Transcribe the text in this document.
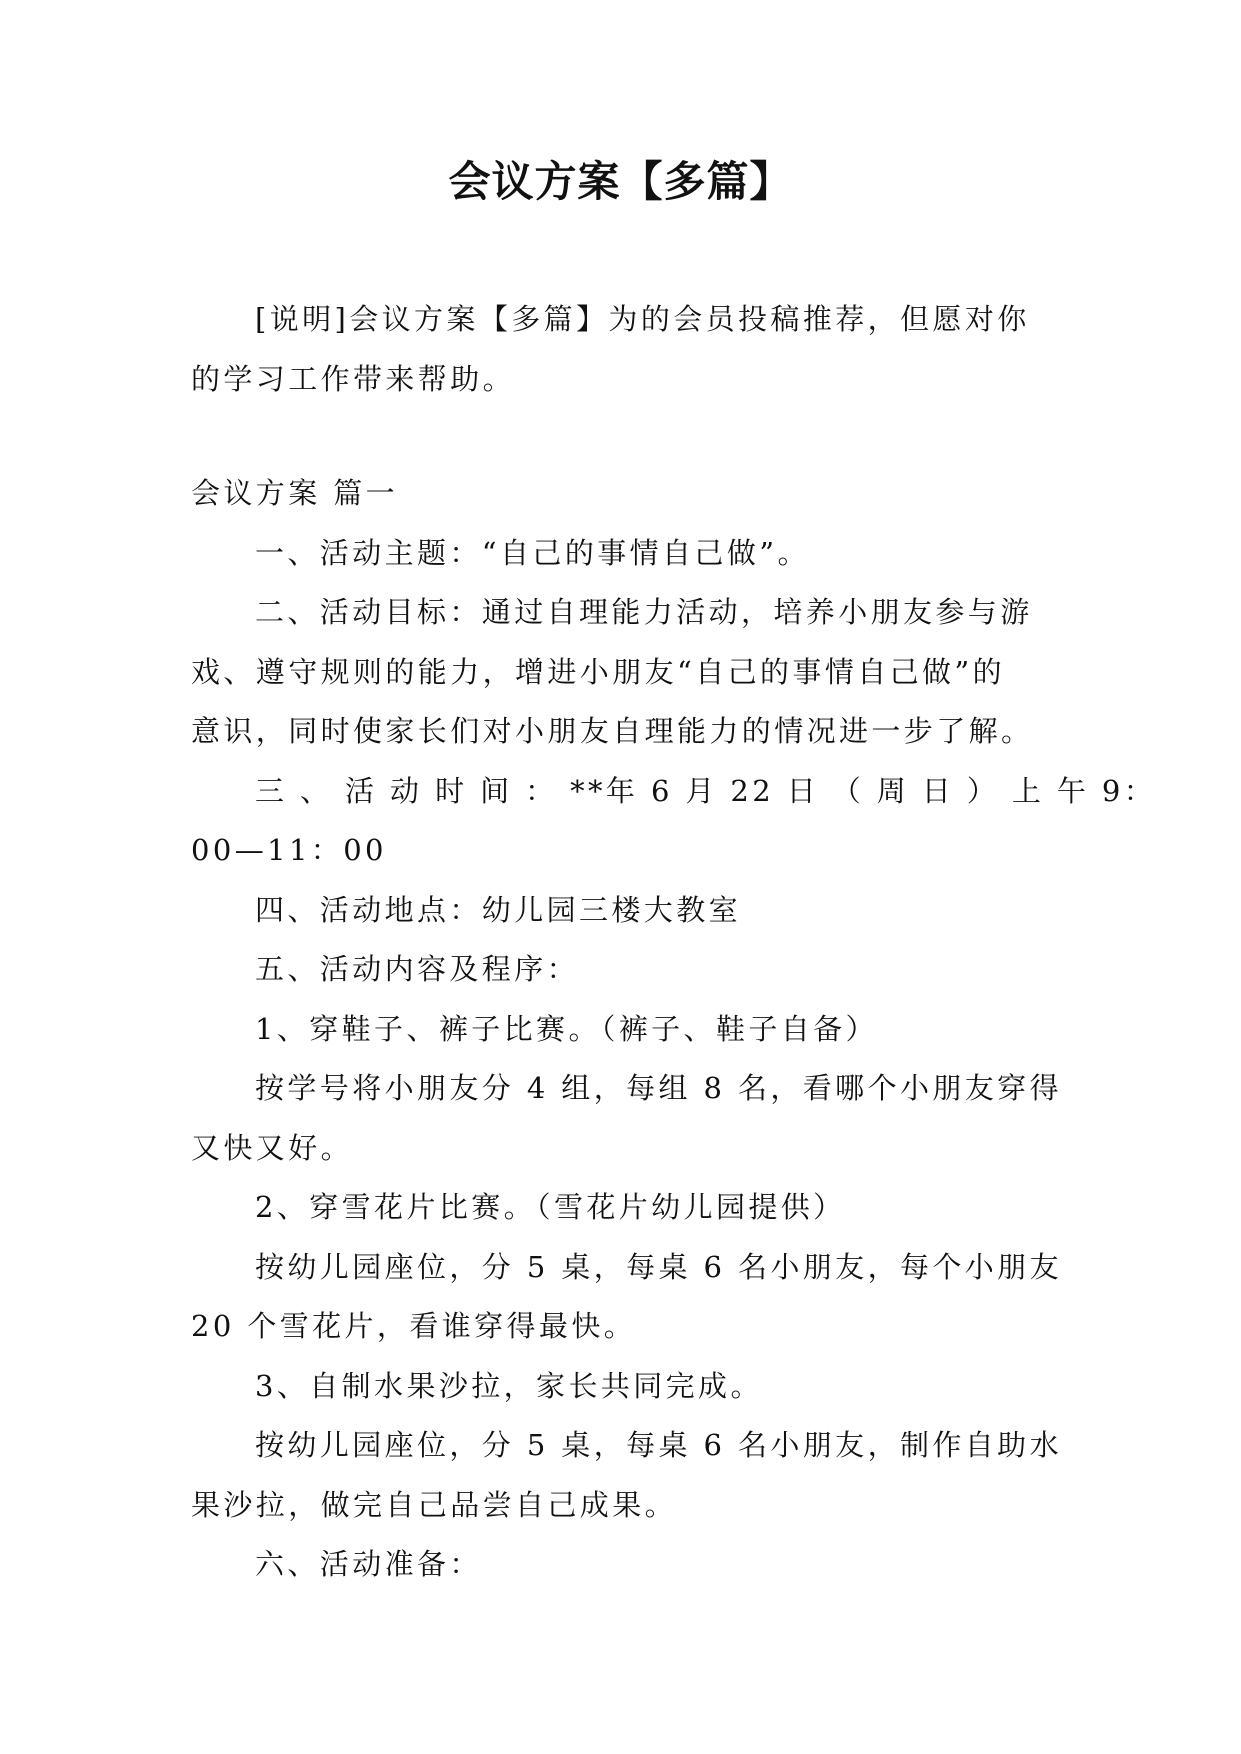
会议方案【多篇】

[说明]会议方案【多篇】为的会员投稿推荐，但愿对你

的学习工作带来帮助。

会议方案 篇一

一、活动主题：“自己的事情自己做”。

二、活动目标：通过自理能力活动，培养小朋友参与游

戏、遵守规则的能力，增进小朋友“自己的事情自己做”的

意识，同时使家长们对小朋友自理能力的情况进一步了解。

三 、 活 动 时 间 ： **年 6 月 22 日 （ 周 日 ） 上 午 9：

00—11：00

四、活动地点：幼儿园三楼大教室

五、活动内容及程序：

1、穿鞋子、裤子比赛。（裤子、鞋子自备）

按学号将小朋友分 4 组，每组 8 名，看哪个小朋友穿得

又快又好。

2、穿雪花片比赛。（雪花片幼儿园提供）

按幼儿园座位，分 5 桌，每桌 6 名小朋友，每个小朋友

20 个雪花片，看谁穿得最快。

3、自制水果沙拉，家长共同完成。

按幼儿园座位，分 5 桌，每桌 6 名小朋友，制作自助水

果沙拉，做完自己品尝自己成果。

六、活动准备：
